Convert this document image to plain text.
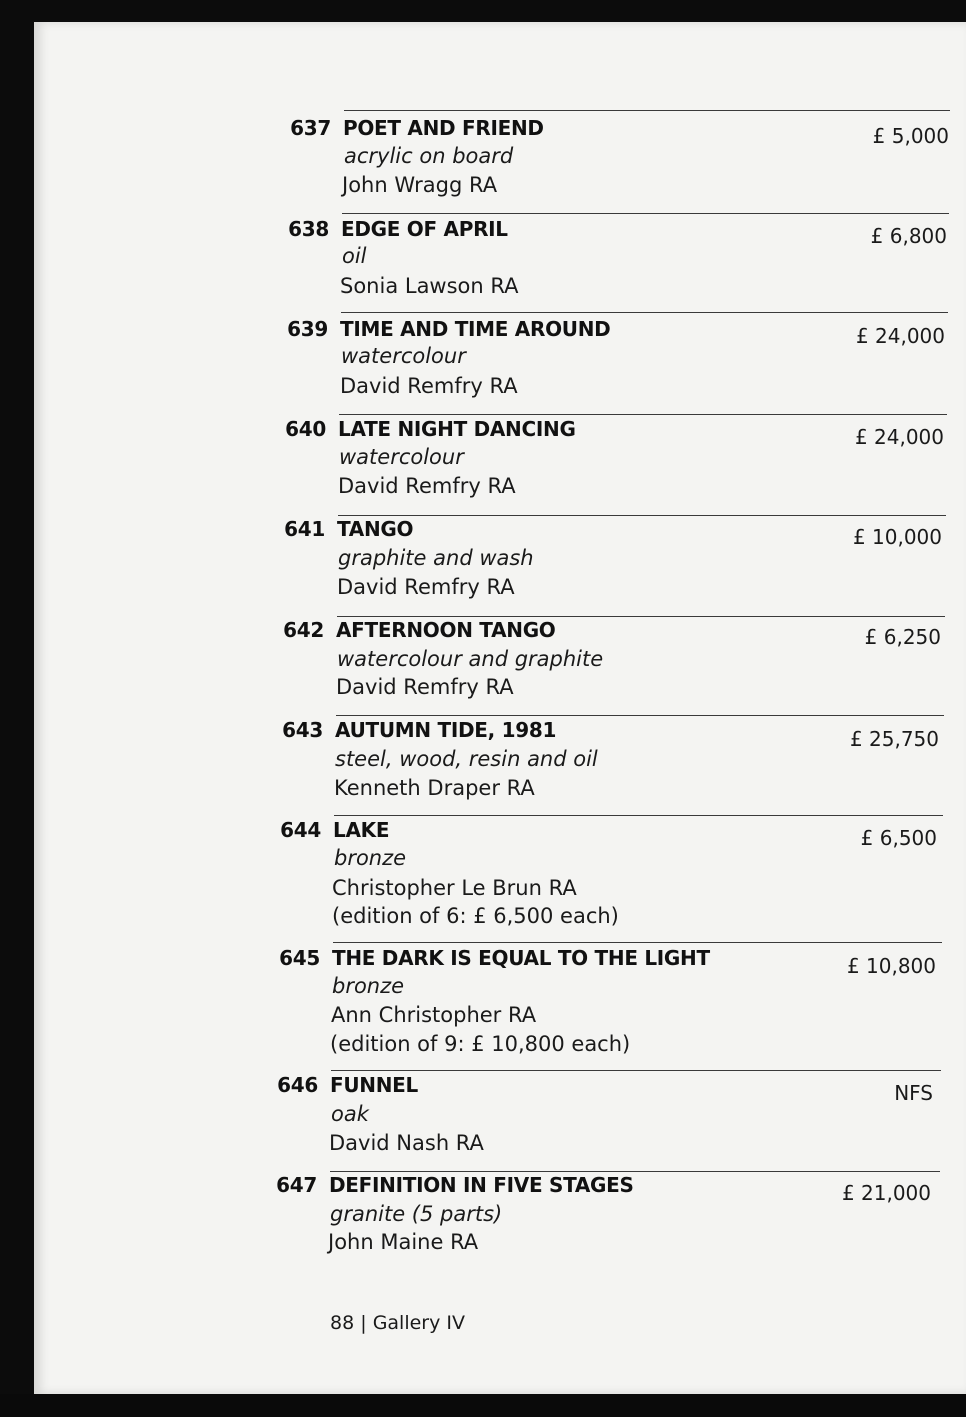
637 POET AND FRIEND
acrylic on board
John Wragg RA
£ 5,000
638 EDGE OF APRIL
oil
Sonia Lawson RA
£ 6,800
639 TIME AND TIME AROUND
watercolour
David Remfry RA
£ 24,000
640 LATE NIGHT DANCING
watercolour
David Remfry RA
£ 24,000
641 TANGO
graphite and wash
David Remfry RA
£ 10,000
642 AFTERNOON TANGO
watercolour and graphite
David Remfry RA
£ 6,250
643 AUTUMN TIDE, 1981
steel, wood, resin and oil
Kenneth Draper RA
£ 25,750
644 LAKE
bronze
Christopher Le Brun RA
(edition of 6: £ 6,500 each)
£ 6,500
645 THE DARK IS EQUAL TO THE LIGHT
bronze
Ann Christopher RA
(edition of 9: £ 10,800 each)
£ 10,800
646 FUNNEL
oak
David Nash RA
NFS
647 DEFINITION IN FIVE STAGES
granite (5 parts)
John Maine RA
£ 21,000
88 | Gallery IV
